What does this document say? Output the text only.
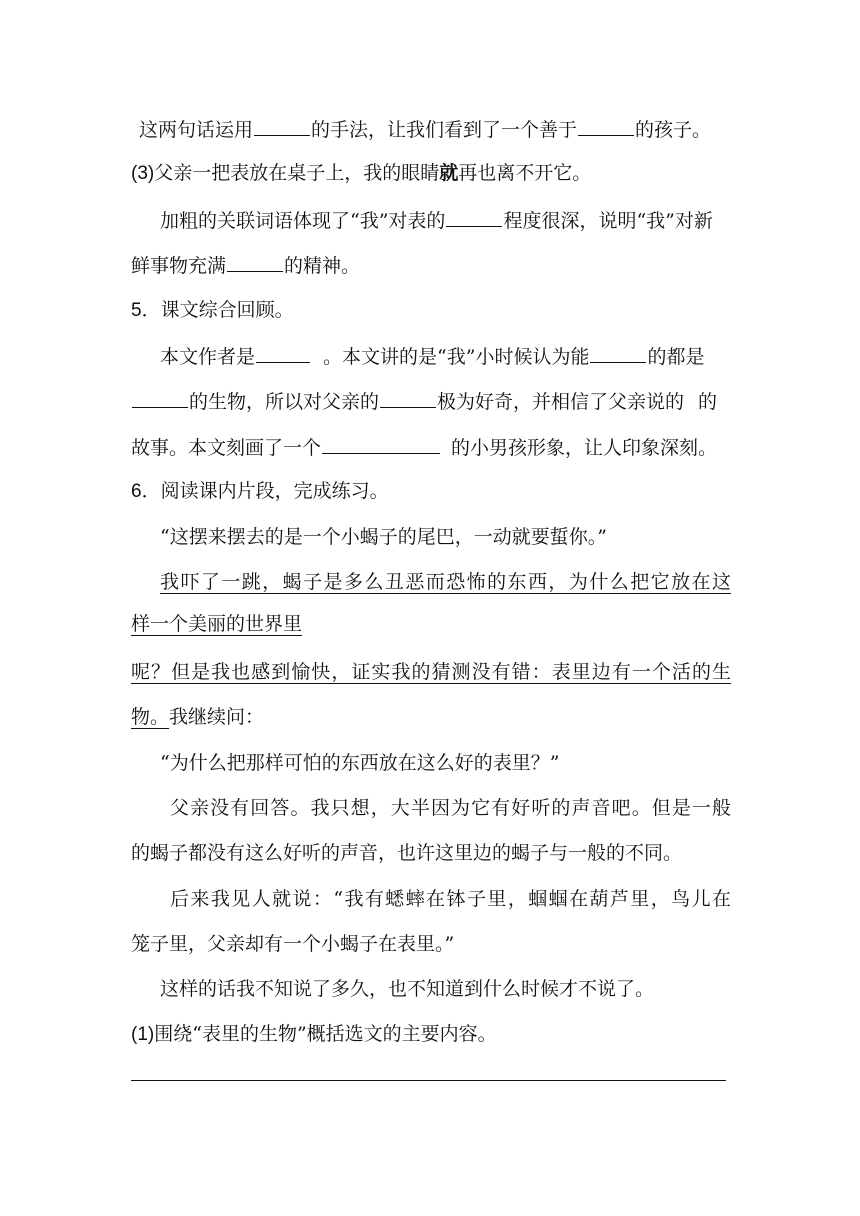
这两句话运用	的手法，让我们看到了一个善于	的孩子。
(3)父亲一把表放在桌子上，我的眼睛就再也离不开它。
加粗的关联词语体现了“我”对表的	程度很深，说明“我”对新
鲜事物充满	的精神。
5．课文综合回顾。
本文作者是	。本文讲的是“我”小时候认为能	的都是
的生物，所以对父亲的	极为好奇，并相信了父亲说的 的
故事。本文刻画了一个	的小男孩形象，让人印象深刻。
6．阅读课内片段，完成练习。
“这摆来摆去的是一个小蝎子的尾巴，一动就要蜇你。”
我吓了一跳，蝎子是多么丑恶而恐怖的东西，为什么把它放在这
样一个美丽的世界里
呢？但是我也感到愉快，证实我的猜测没有错：表里边有一个活的生
物。我继续问：
“为什么把那样可怕的东西放在这么好的表里？”
父亲没有回答。我只想，大半因为它有好听的声音吧。但是一般
的蝎子都没有这么好听的声音，也许这里边的蝎子与一般的不同。
后来我见人就说：“我有蟋蟀在钵子里，蝈蝈在葫芦里，鸟儿在
笼子里，父亲却有一个小蝎子在表里。”
这样的话我不知说了多久，也不知道到什么时候才不说了。
(1)围绕“表里的生物”概括选文的主要内容。
